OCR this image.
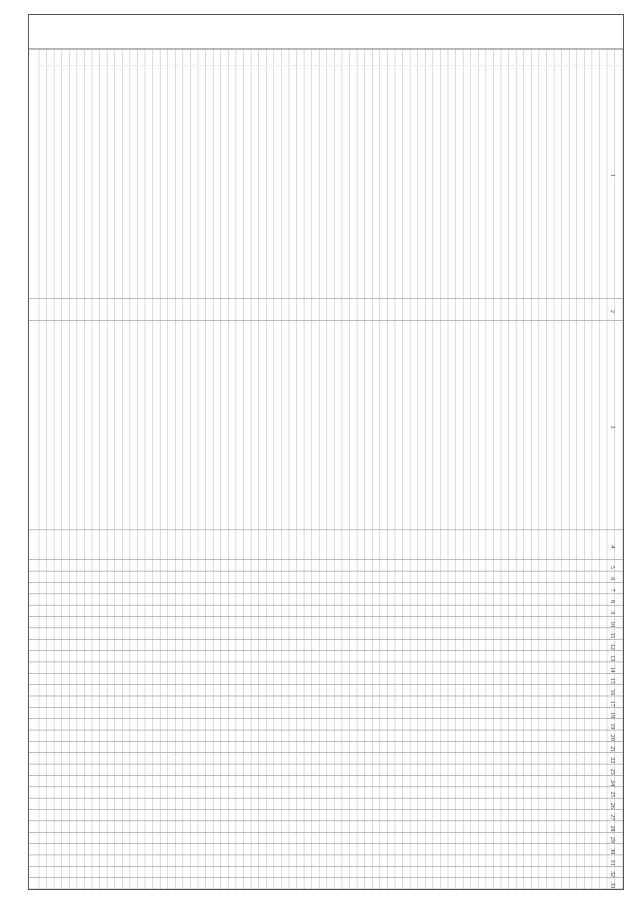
1
2
3
4
5
6
7
8
9
10
11
12
13
14
15
16
17
18
19
20
21
22
23
24
25
26
27
28
29
30
31
32
33
—
·
—
·
—
·
—
·
—
·
—
·
—
·
—
·
—
·
—
·
—
·
—
·
—
·
—
·
—
·
—
·
—
·
—
·
—
·
—
·
—
·
—
·
—
·
—
·
—
·
—
·
—
·
—
·
—
·
—
·
—
·
—
·
—
·
—
·
—
·
—
·
—
·
—
·
—
·
—
·
—
·
—
·
—
·
—
·
—
·
—
·
—
·
—
·
—
·
—
·
—
·
—
·
—
·
—
·
—
·
—
·
—
·
—
·
—
·
—
·
—
·
—
·
—
·
—
·
—
·
—
·
—
·
—
·
—
·
—
·
—
·
—
·
—
·
—
·
—
·
—
·
—
·
